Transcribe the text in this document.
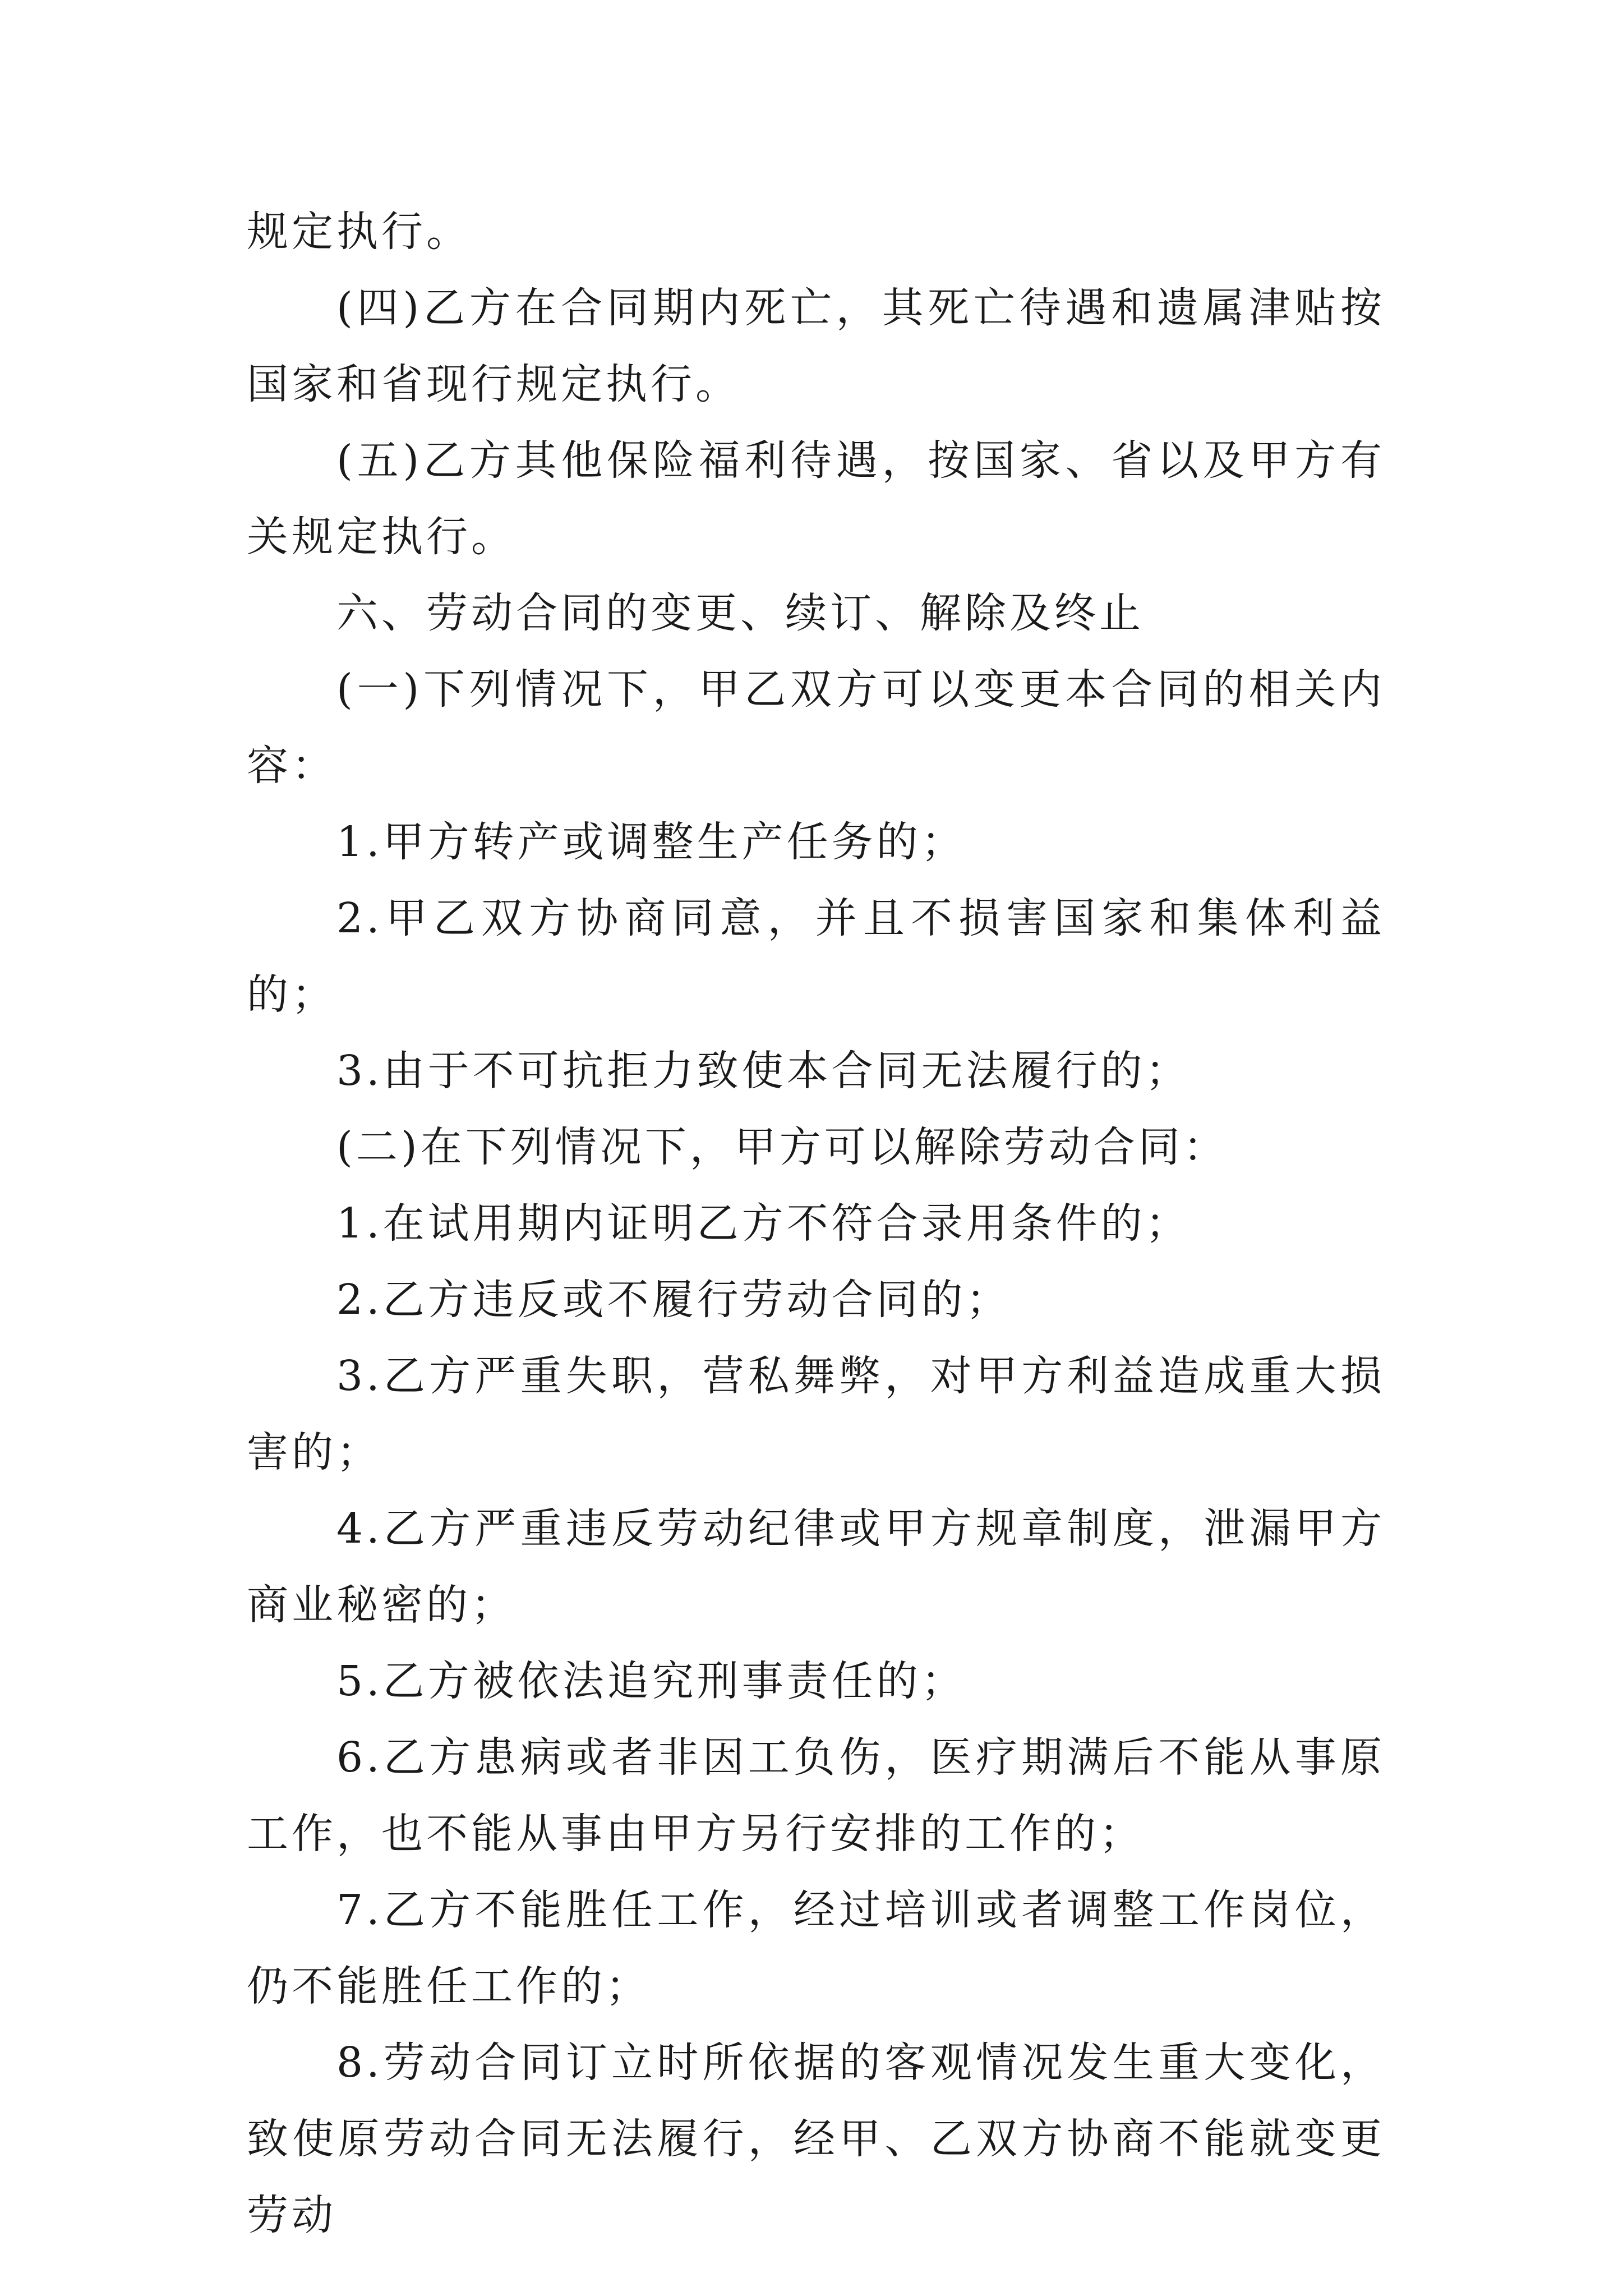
规定执行。

(四)乙方在合同期内死亡，其死亡待遇和遗属津贴按国家和省现行规定执行。

(五)乙方其他保险福利待遇，按国家、省以及甲方有关规定执行。

六、劳动合同的变更、续订、解除及终止

(一)下列情况下，甲乙双方可以变更本合同的相关内容：

1.甲方转产或调整生产任务的；

2.甲乙双方协商同意，并且不损害国家和集体利益的；

3.由于不可抗拒力致使本合同无法履行的；

(二)在下列情况下，甲方可以解除劳动合同：

1.在试用期内证明乙方不符合录用条件的；

2.乙方违反或不履行劳动合同的；

3.乙方严重失职，营私舞弊，对甲方利益造成重大损害的；

4.乙方严重违反劳动纪律或甲方规章制度，泄漏甲方商业秘密的；

5.乙方被依法追究刑事责任的；

6.乙方患病或者非因工负伤，医疗期满后不能从事原工作，也不能从事由甲方另行安排的工作的；

7.乙方不能胜任工作，经过培训或者调整工作岗位，仍不能胜任工作的；

8.劳动合同订立时所依据的客观情况发生重大变化，致使原劳动合同无法履行，经甲、乙双方协商不能就变更劳动
